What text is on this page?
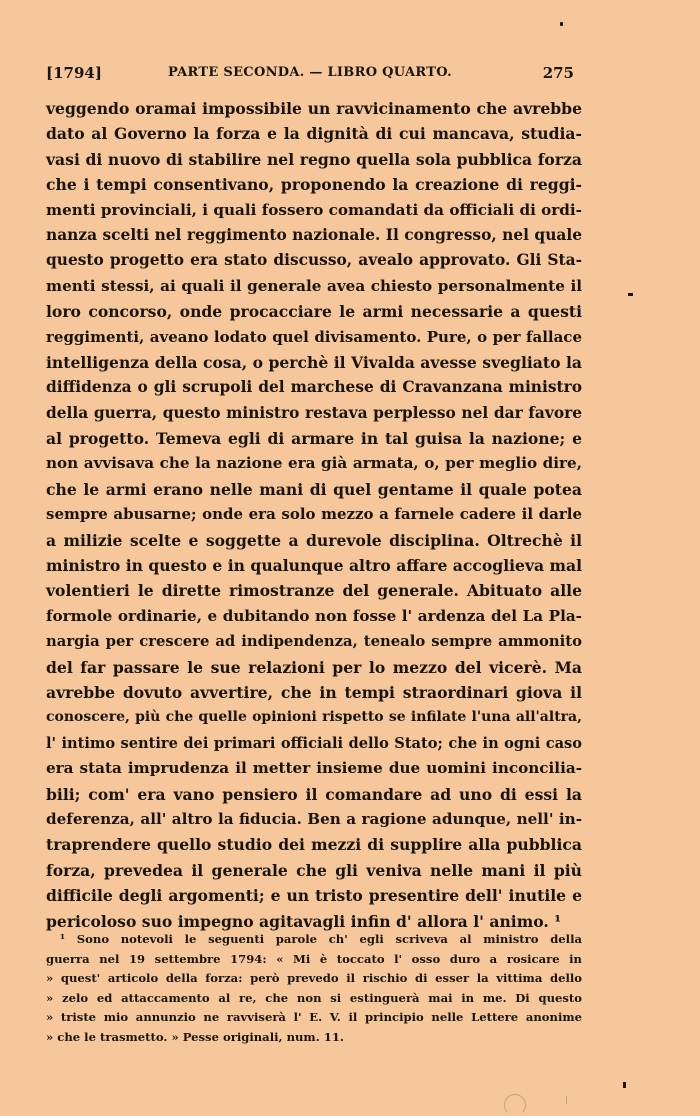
[1794]	PARTE SECONDA. — LIBRO QUARTO.	275
veggendo oramai impossibile un ravvicinamento che avrebbe
dato al Governo la forza e la dignità di cui mancava, studia-
vasi di nuovo di stabilire nel regno quella sola pubblica forza
che i tempi consentivano, proponendo la creazione di reggi-
menti provinciali, i quali fossero comandati da officiali di ordi-
nanza scelti nel reggimento nazionale. Il congresso, nel quale
questo progetto era stato discusso, avealo approvato. Gli Sta-
menti stessi, ai quali il generale avea chiesto personalmente il
loro concorso, onde procacciare le armi necessarie a questi
reggimenti, aveano lodato quel divisamento. Pure, o per fallace
intelligenza della cosa, o perchè il Vivalda avesse svegliato la
diffidenza o gli scrupoli del marchese di Cravanzana ministro
della guerra, questo ministro restava perplesso nel dar favore
al progetto. Temeva egli di armare in tal guisa la nazione; e
non avvisava che la nazione era già armata, o, per meglio dire,
che le armi erano nelle mani di quel gentame il quale potea
sempre abusarne; onde era solo mezzo a farnele cadere il darle
a milizie scelte e soggette a durevole disciplina. Oltrechè il
ministro in questo e in qualunque altro affare accoglieva mal
volentieri le dirette rimostranze del generale. Abituato alle
formole ordinarie, e dubitando non fosse l' ardenza del La Pla-
nargia per crescere ad indipendenza, tenealo sempre ammonito
del far passare le sue relazioni per lo mezzo del vicerè. Ma
avrebbe dovuto avvertire, che in tempi straordinari giova il
conoscere, più che quelle opinioni rispetto se infilate l'una all'altra,
l' intimo sentire dei primari officiali dello Stato; che in ogni caso
era stata imprudenza il metter insieme due uomini inconcilia-
bili; com' era vano pensiero il comandare ad uno di essi la
deferenza, all' altro la fiducia. Ben a ragione adunque, nell' in-
traprendere quello studio dei mezzi di supplire alla pubblica
forza, prevedea il generale che gli veniva nelle mani il più
difficile degli argomenti; e un tristo presentire dell' inutile e
pericoloso suo impegno agitavagli infin d' allora l' animo. ¹
¹ Sono notevoli le seguenti parole ch' egli scriveva al ministro della
guerra nel 19 settembre 1794: « Mi è toccato l' osso duro a rosicare in
» quest' articolo della forza: però prevedo il rischio di esser la vittima dello
» zelo ed attaccamento al re, che non si estinguerà mai in me. Di questo
» triste mio annunzio ne ravviserà l' E. V. il principio nelle Lettere anonime
» che le trasmetto. » Pesse originali, num. 11.
